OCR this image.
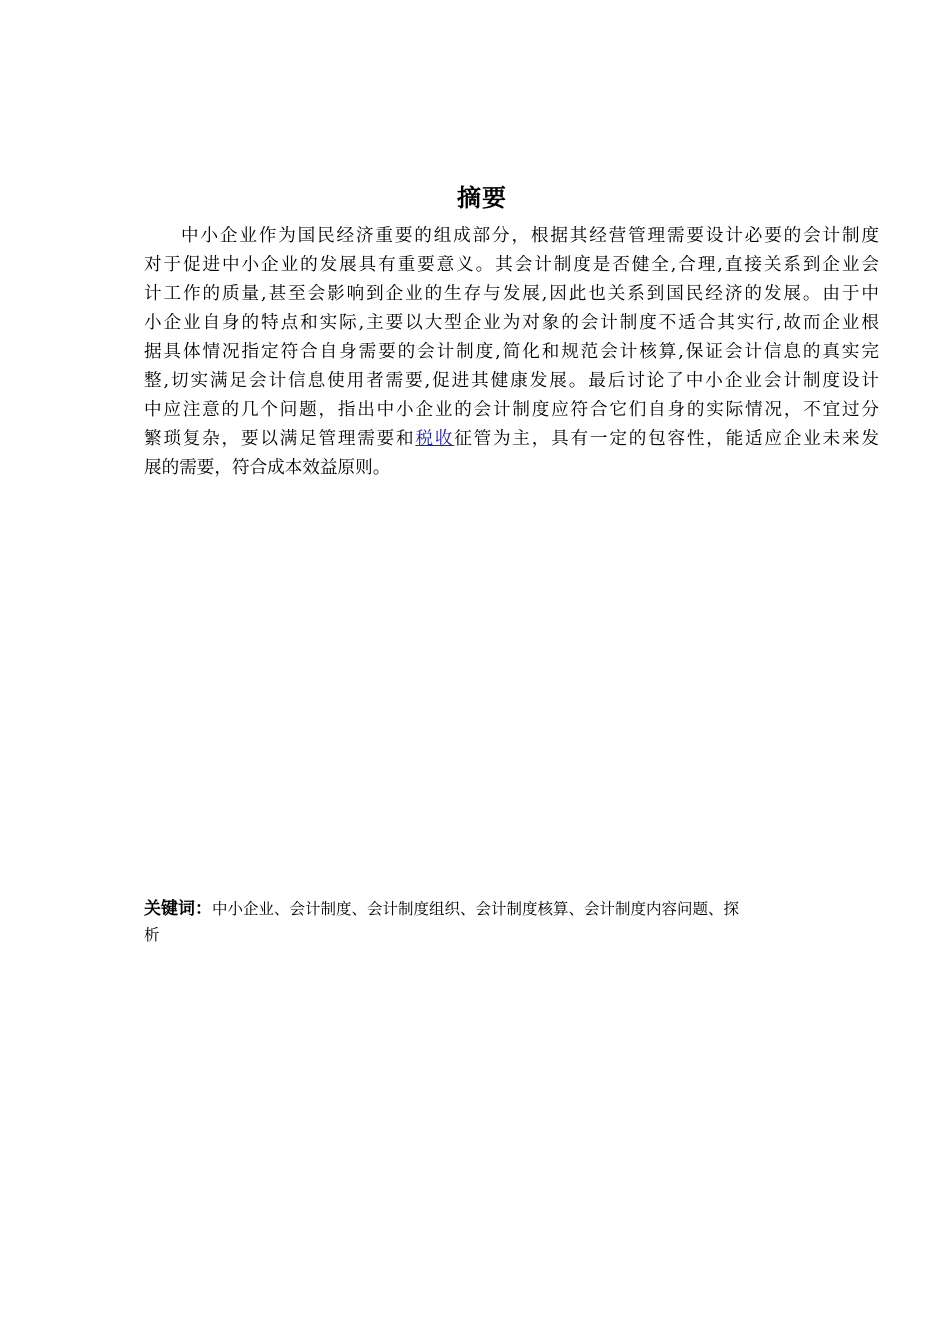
摘要
中小企业作为国民经济重要的组成部分，根据其经营管理需要设计必要的会计制度
对于促进中小企业的发展具有重要意义。其会计制度是否健全,合理,直接关系到企业会
计工作的质量,甚至会影响到企业的生存与发展,因此也关系到国民经济的发展。由于中
小企业自身的特点和实际,主要以大型企业为对象的会计制度不适合其实行,故而企业根
据具体情况指定符合自身需要的会计制度,简化和规范会计核算,保证会计信息的真实完
整,切实满足会计信息使用者需要,促进其健康发展。最后讨论了中小企业会计制度设计
中应注意的几个问题，指出中小企业的会计制度应符合它们自身的实际情况，不宜过分
繁琐复杂，要以满足管理需要和税收征管为主，具有一定的包容性，能适应企业未来发
展的需要，符合成本效益原则。
关键词：中小企业、会计制度、会计制度组织、会计制度核算、会计制度内容问题、探
析
